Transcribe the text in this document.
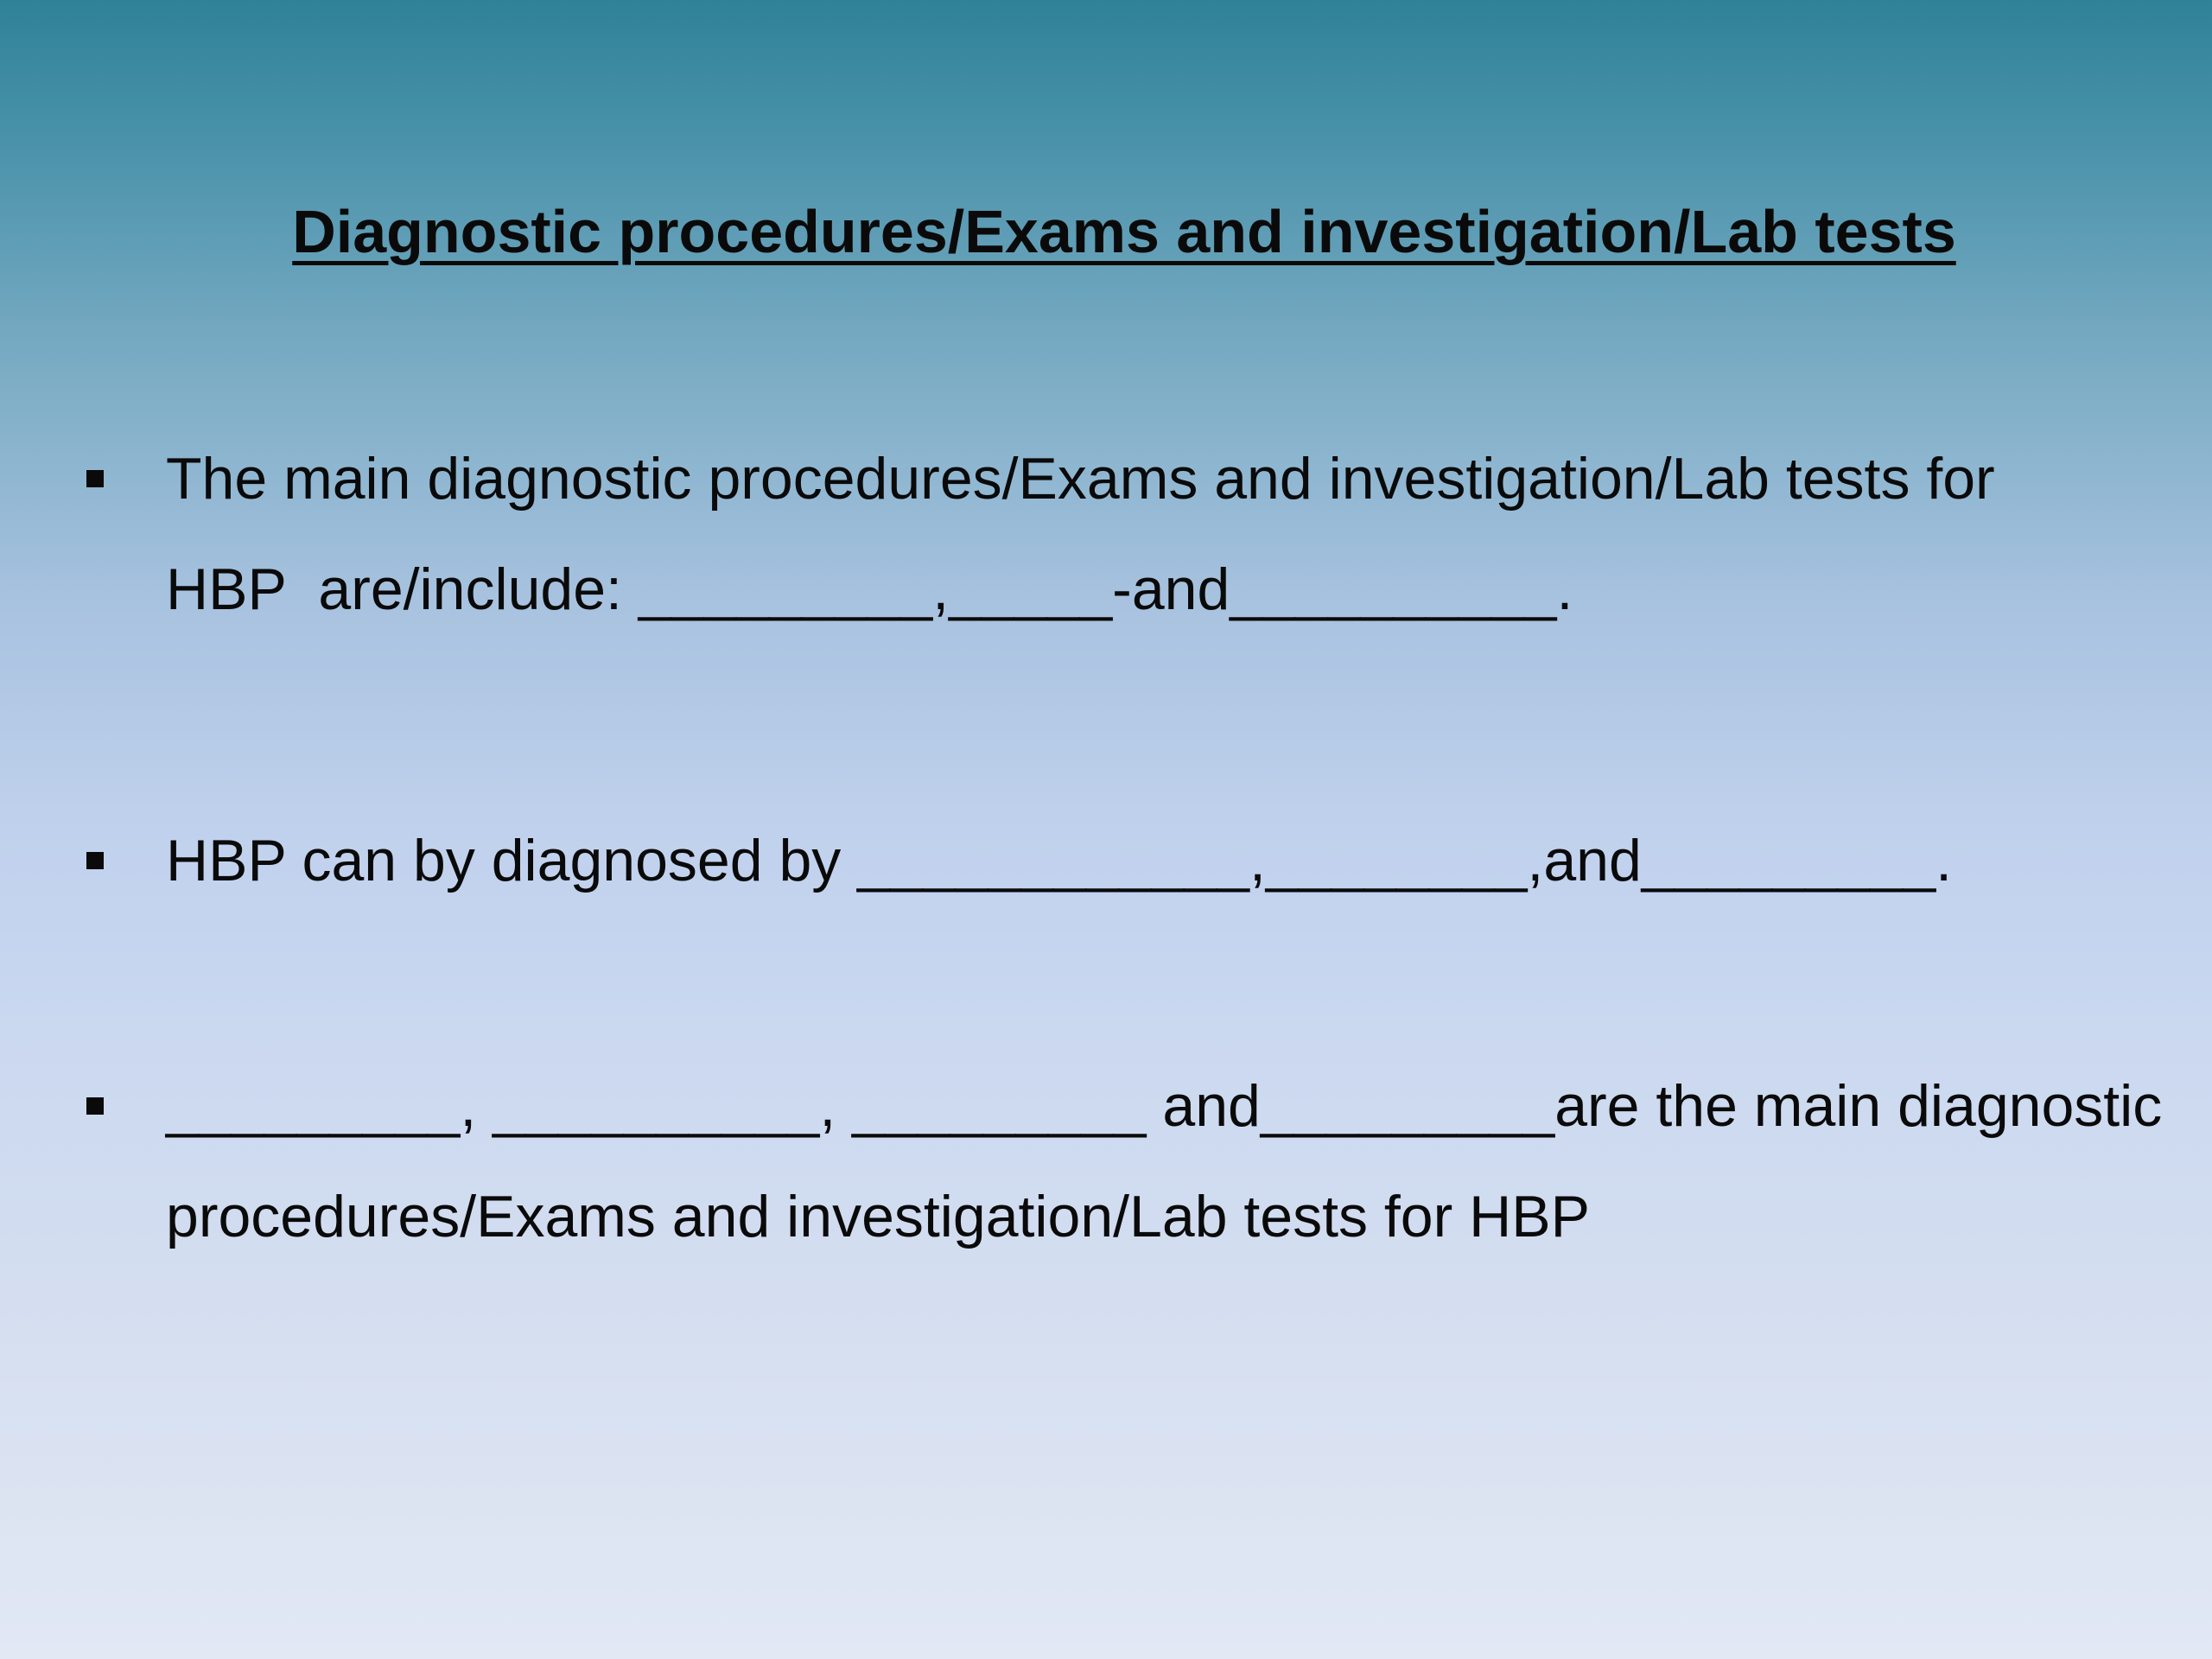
Diagnostic procedures/Exams and investigation/Lab tests

The main diagnostic procedures/Exams and investigation/Lab tests for
HBP  are/include: _________,_____-and__________.

HBP can by diagnosed by ____________,________,and_________.

_________, __________, _________ and_________are the main diagnostic
procedures/Exams and investigation/Lab tests for HBP
